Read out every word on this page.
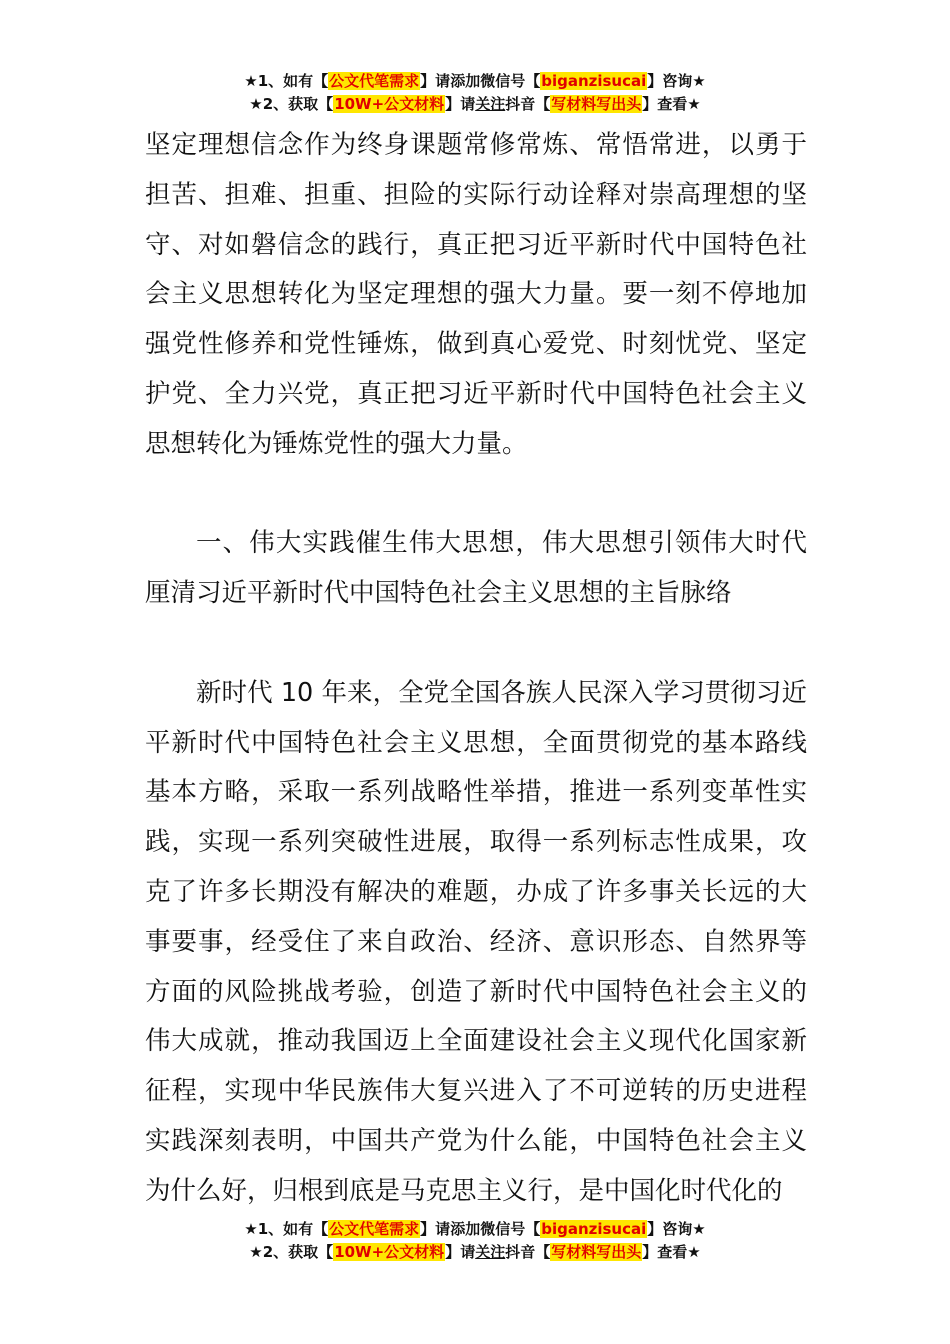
★1、如有【公文代笔需求】请添加微信号【biganzisucai】咨询★
★2、获取【10W+公文材料】请关注抖音【写材料写出头】查看★

坚定理想信念作为终身课题常修常炼、常悟常进，以勇于担苦、担难、担重、担险的实际行动诠释对崇高理想的坚守、对如磐信念的践行，真正把习近平新时代中国特色社会主义思想转化为坚定理想的强大力量。要一刻不停地加强党性修养和党性锤炼，做到真心爱党、时刻忧党、坚定护党、全力兴党，真正把习近平新时代中国特色社会主义思想转化为锤炼党性的强大力量。

一、伟大实践催生伟大思想，伟大思想引领伟大时代 厘清习近平新时代中国特色社会主义思想的主旨脉络

新时代 10 年来，全党全国各族人民深入学习贯彻习近平新时代中国特色社会主义思想，全面贯彻党的基本路线基本方略，采取一系列战略性举措，推进一系列变革性实践，实现一系列突破性进展，取得一系列标志性成果，攻克了许多长期没有解决的难题，办成了许多事关长远的大事要事，经受住了来自政治、经济、意识形态、自然界等方面的风险挑战考验，创造了新时代中国特色社会主义的伟大成就，推动我国迈上全面建设社会主义现代化国家新征程，实现中华民族伟大复兴进入了不可逆转的历史进程 实践深刻表明，中国共产党为什么能，中国特色社会主义为什么好，归根到底是马克思主义行，是中国化时代化的

★1、如有【公文代笔需求】请添加微信号【biganzisucai】咨询★
★2、获取【10W+公文材料】请关注抖音【写材料写出头】查看★
